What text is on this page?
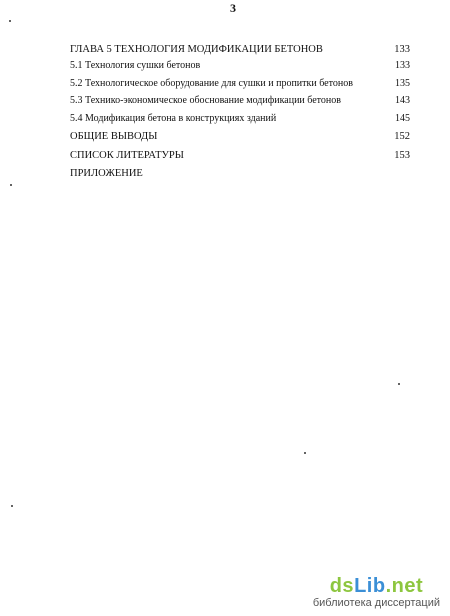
3
ГЛАВА 5 ТЕХНОЛОГИЯ МОДИФИКАЦИИ БЕТОНОВ	133
5.1 Технология сушки бетонов	133
5.2 Технологическое оборудование для сушки и пропитки бетонов	135
5.3 Технико-экономическое обоснование модификации бетонов	143
5.4 Модификация бетона в конструкциях зданий	145
ОБЩИЕ ВЫВОДЫ	152
СПИСОК ЛИТЕРАТУРЫ	153
ПРИЛОЖЕНИЕ
dsLib.net
библиотека диссертаций
